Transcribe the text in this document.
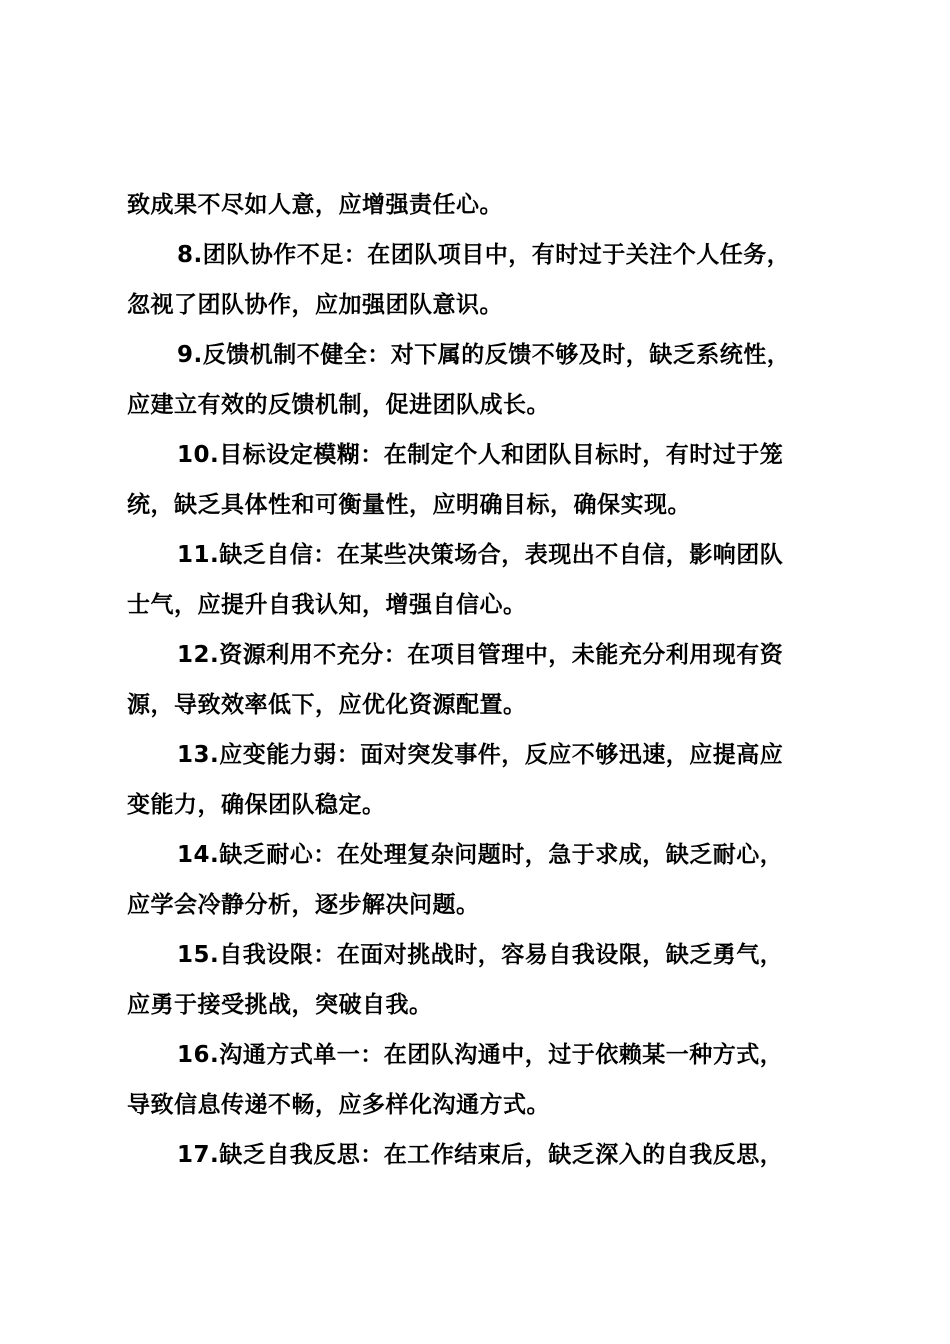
致成果不尽如人意，应增强责任心。
8.团队协作不足：在团队项目中，有时过于关注个人任务，
忽视了团队协作，应加强团队意识。
9.反馈机制不健全：对下属的反馈不够及时，缺乏系统性，
应建立有效的反馈机制，促进团队成长。
10.目标设定模糊：在制定个人和团队目标时，有时过于笼
统，缺乏具体性和可衡量性，应明确目标，确保实现。
11.缺乏自信：在某些决策场合，表现出不自信，影响团队
士气，应提升自我认知，增强自信心。
12.资源利用不充分：在项目管理中，未能充分利用现有资
源，导致效率低下，应优化资源配置。
13.应变能力弱：面对突发事件，反应不够迅速，应提高应
变能力，确保团队稳定。
14.缺乏耐心：在处理复杂问题时，急于求成，缺乏耐心，
应学会冷静分析，逐步解决问题。
15.自我设限：在面对挑战时，容易自我设限，缺乏勇气，
应勇于接受挑战，突破自我。
16.沟通方式单一：在团队沟通中，过于依赖某一种方式，
导致信息传递不畅，应多样化沟通方式。
17.缺乏自我反思：在工作结束后，缺乏深入的自我反思，
